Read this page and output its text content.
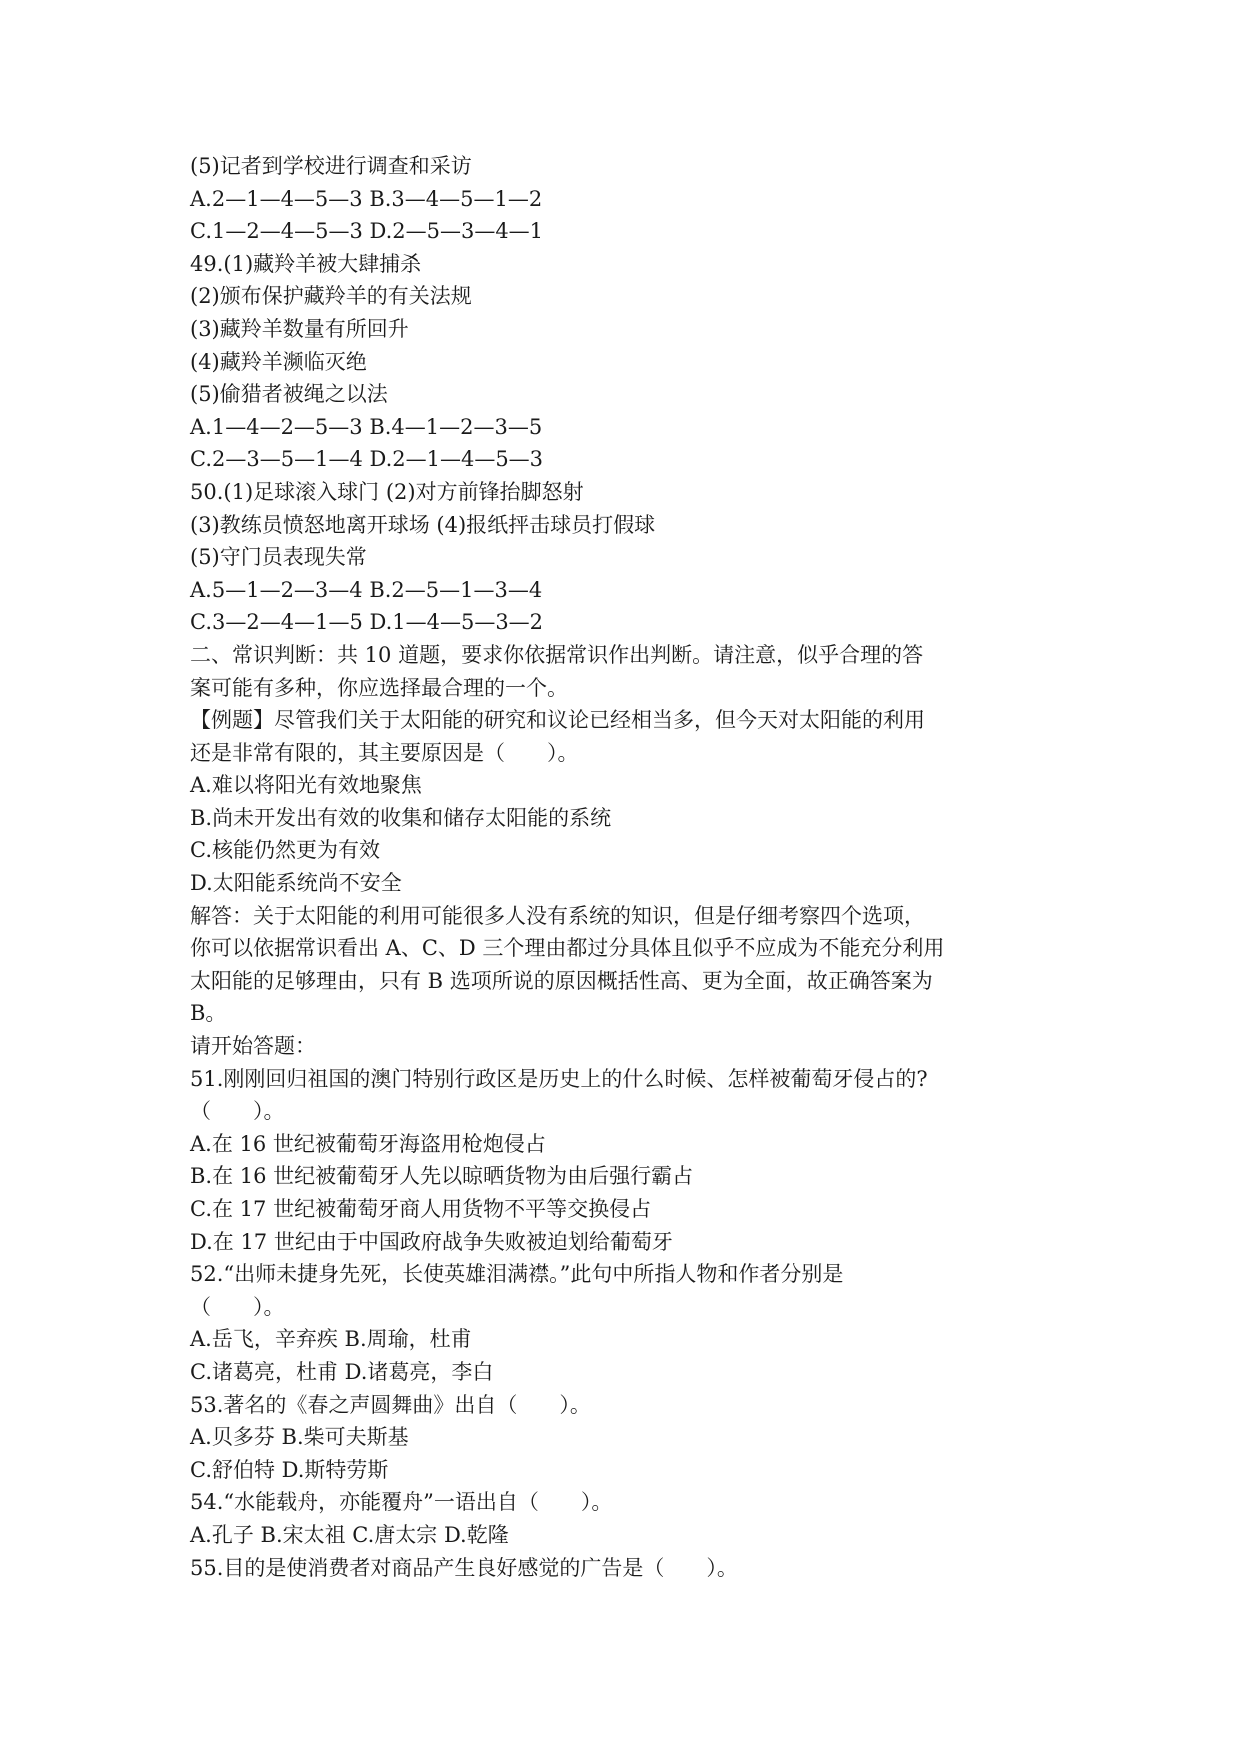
(5)记者到学校进行调查和采访
A.2—1—4—5—3 B.3—4—5—1—2
C.1—2—4—5—3 D.2—5—3—4—1
49.(1)藏羚羊被大肆捕杀
(2)颁布保护藏羚羊的有关法规
(3)藏羚羊数量有所回升
(4)藏羚羊濒临灭绝
(5)偷猎者被绳之以法
A.1—4—2—5—3 B.4—1—2—3—5
C.2—3—5—1—4 D.2—1—4—5—3
50.(1)足球滚入球门 (2)对方前锋抬脚怒射
(3)教练员愤怒地离开球场 (4)报纸抨击球员打假球
(5)守门员表现失常
A.5—1—2—3—4 B.2—5—1—3—4
C.3—2—4—1—5 D.1—4—5—3—2
二、常识判断：共 10 道题，要求你依据常识作出判断。请注意，似乎合理的答
案可能有多种，你应选择最合理的一个。
【例题】尽管我们关于太阳能的研究和议论已经相当多，但今天对太阳能的利用
还是非常有限的，其主要原因是（　　）。
A.难以将阳光有效地聚焦
B.尚未开发出有效的收集和储存太阳能的系统
C.核能仍然更为有效
D.太阳能系统尚不安全
解答：关于太阳能的利用可能很多人没有系统的知识，但是仔细考察四个选项，
你可以依据常识看出 A、C、D 三个理由都过分具体且似乎不应成为不能充分利用
太阳能的足够理由，只有 B 选项所说的原因概括性高、更为全面，故正确答案为
B。
请开始答题：
51.刚刚回归祖国的澳门特别行政区是历史上的什么时候、怎样被葡萄牙侵占的?
（　　）。
A.在 16 世纪被葡萄牙海盗用枪炮侵占
B.在 16 世纪被葡萄牙人先以晾晒货物为由后强行霸占
C.在 17 世纪被葡萄牙商人用货物不平等交换侵占
D.在 17 世纪由于中国政府战争失败被迫划给葡萄牙
52.“出师未捷身先死，长使英雄泪满襟。”此句中所指人物和作者分别是
（　　）。
A.岳飞，辛弃疾 B.周瑜，杜甫
C.诸葛亮，杜甫 D.诸葛亮，李白
53.著名的《春之声圆舞曲》出自（　　）。
A.贝多芬 B.柴可夫斯基
C.舒伯特 D.斯特劳斯
54.“水能载舟，亦能覆舟”一语出自（　　）。
A.孔子 B.宋太祖 C.唐太宗 D.乾隆
55.目的是使消费者对商品产生良好感觉的广告是（　　）。
